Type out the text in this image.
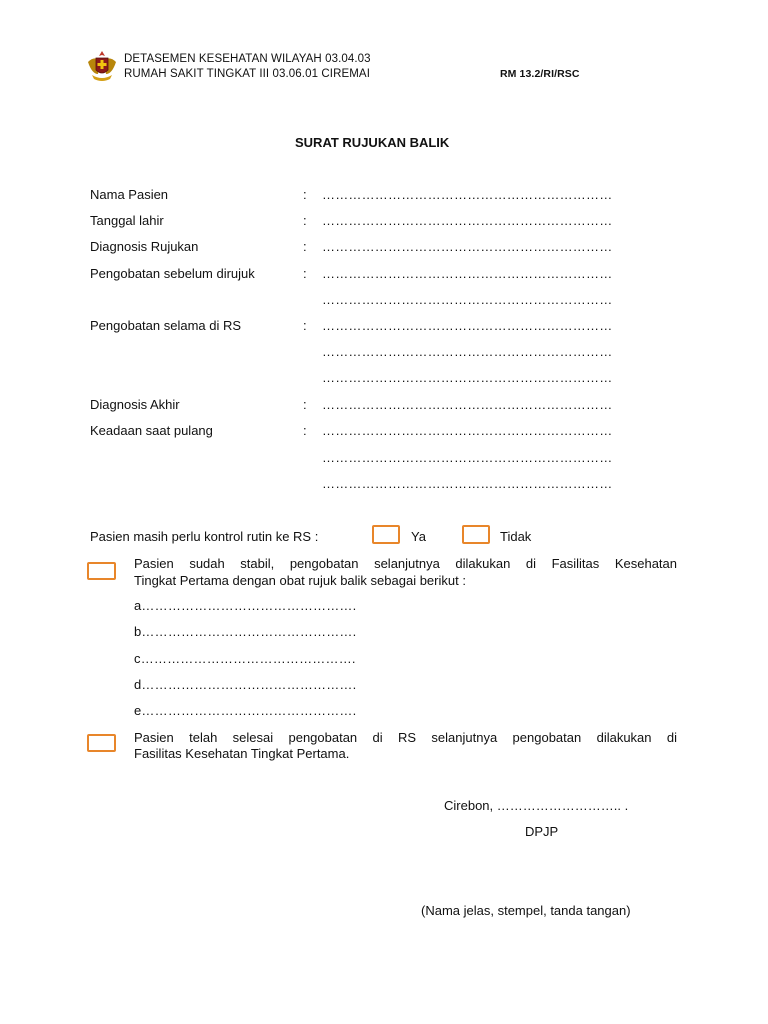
DETASEMEN KESEHATAN WILAYAH 03.04.03
RUMAH SAKIT TINGKAT III 03.06.01 CIREMAI	RM 13.2/RI/RSC
SURAT RUJUKAN BALIK
Nama Pasien	: …………………………………………………………
Tanggal lahir	: …………………………………………………………
Diagnosis Rujukan	: …………………………………………………………
Pengobatan sebelum dirujuk	: …………………………………………………………
…………………………………………………………
Pengobatan selama di RS	: …………………………………………………………
…………………………………………………………
…………………………………………………………
Diagnosis Akhir	: …………………………………………………………
Keadaan saat pulang	: …………………………………………………………
…………………………………………………………
…………………………………………………………
Pasien masih perlu kontrol rutin ke RS :	Ya	Tidak
Pasien sudah stabil, pengobatan selanjutnya dilakukan di Fasilitas Kesehatan
Tingkat Pertama dengan obat rujuk balik sebagai berikut :
a………………………………………….
b………………………………………….
c………………………………………….
d………………………………………….
e………………………………………….
Pasien telah selesai pengobatan di RS selanjutnya pengobatan dilakukan di
Fasilitas Kesehatan Tingkat Pertama.
Cirebon, ……………………….. .
DPJP
(Nama jelas, stempel, tanda tangan)
